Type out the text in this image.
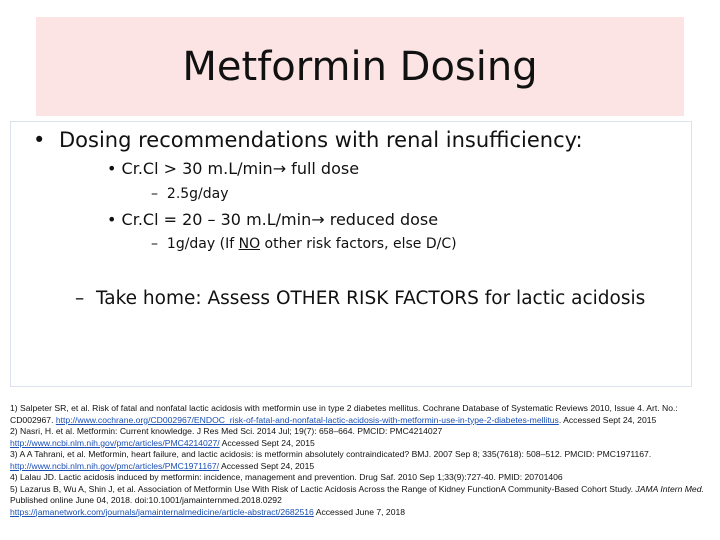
Metformin Dosing
• Dosing recommendations with renal insufficiency:
• Cr.Cl > 30 m.L/min→ full dose
– 2.5g/day
• Cr.Cl = 20 – 30 m.L/min→ reduced dose
– 1g/day (If NO other risk factors, else D/C)
– Take home: Assess OTHER RISK FACTORS for lactic acidosis

1) Salpeter SR, et al. Risk of fatal and nonfatal lactic acidosis with metformin use in type 2 diabetes mellitus. Cochrane Database of Systematic Reviews 2010, Issue 4. Art. No.: CD002967. http://www.cochrane.org/CD002967/ENDOC_risk-of-fatal-and-nonfatal-lactic-acidosis-with-metformin-use-in-type-2-diabetes-mellitus. Accessed Sept 24, 2015

2) Nasri, H. et al. Metformin: Current knowledge. J Res Med Sci. 2014 Jul; 19(7): 658–664. PMCID: PMC4214027
http://www.ncbi.nlm.nih.gov/pmc/articles/PMC4214027/ Accessed Sept 24, 2015

3) A A Tahrani, et al. Metformin, heart failure, and lactic acidosis: is metformin absolutely contraindicated? BMJ. 2007 Sep 8; 335(7618): 508–512. PMCID: PMC1971167. http://www.ncbi.nlm.nih.gov/pmc/articles/PMC1971167/ Accessed Sept 24, 2015

4) Lalau JD. Lactic acidosis induced by metformin: incidence, management and prevention. Drug Saf. 2010 Sep 1;33(9):727-40. PMID: 20701406

5) Lazarus B, Wu A, Shin J, et al. Association of Metformin Use With Risk of Lactic Acidosis Across the Range of Kidney FunctionA Community-Based Cohort Study. JAMA Intern Med. Published online June 04, 2018. doi:10.1001/jamainternmed.2018.0292
https://jamanetwork.com/journals/jamainternalmedicine/article-abstract/2682516 Accessed June 7, 2018
